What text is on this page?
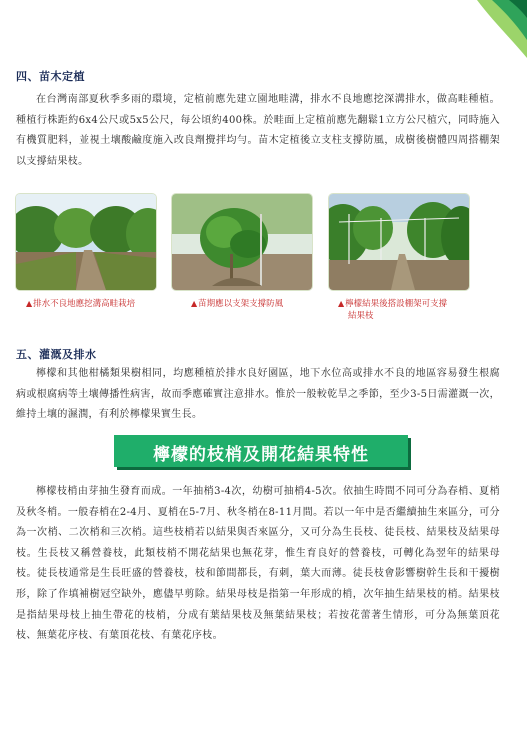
四、苗木定植

在台灣南部夏秋季多雨的環境，定植前應先建立園地畦溝，排水不良地應挖深溝排水，做高畦種植。種植行株距約6x4公尺或5x5公尺，每公頃約400株。於畦面上定植前應先翻鬆1立方公尺植穴，同時施入有機質肥料，並視土壤酸鹼度施入改良劑攪拌均勻。苗木定植後立支柱支撐防風，成樹後樹體四周搭棚架以支撐結果枝。

▲排水不良地應挖溝高畦栽培	▲苗期應以支架支撐防風	▲檸檬結果後搭設棚架可支撐
結果枝
五、灌溉及排水

檸檬和其他柑橘類果樹相同，均應種植於排水良好園區，地下水位高或排水不良的地區容易發生根腐病或根腐病等土壤傳播性病害，故而季應確實注意排水。惟於一般較乾旱之季節，至少3-5日需灌溉一次，維持土壤的濕潤，有利於檸檬果實生長。

檸檬的枝梢及開花結果特性

檸檬枝梢由芽抽生發育而成。一年抽梢3-4次，幼樹可抽梢4-5次。依抽生時間不同可分為春梢、夏梢及秋冬梢。一般春梢在2-4月、夏梢在5-7月、秋冬梢在8-11月間。若以一年中是否繼續抽生來區分，可分為一次梢、二次梢和三次梢。這些枝梢若以結果與否來區分，又可分為生長枝、徒長枝、結果枝及結果母枝。生長枝又稱營養枝，此類枝梢不開花結果也無花芽，惟生育良好的營養枝，可轉化為翌年的結果母枝。徒長枝通常是生長旺盛的營養枝，枝和節間都長，有刺，葉大而薄。徒長枝會影響樹幹生長和干擾樹形，除了作填補樹冠空缺外，應儘早剪除。結果母枝是指第一年形成的梢，次年抽生結果枝的梢。結果枝是指結果母枝上抽生帶花的枝梢，分成有葉結果枝及無葉結果枝；若按花蕾著生情形，可分為無葉頂花枝、無葉花序枝、有葉頂花枝、有葉花序枝。
